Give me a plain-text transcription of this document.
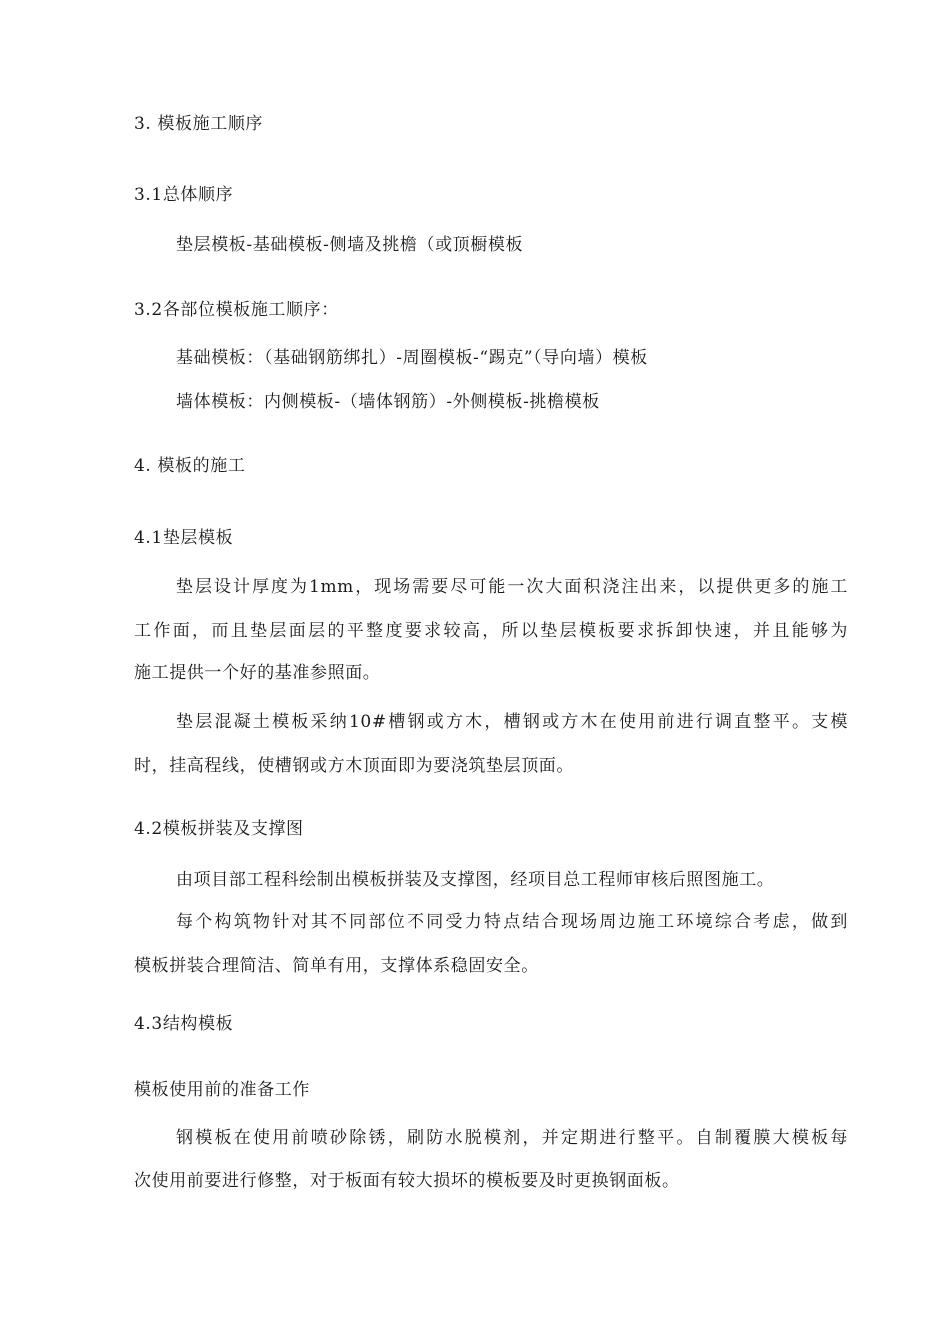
3. 模板施工顺序
3.1总体顺序
垫层模板-基础模板-侧墙及挑檐（或顶橱模板
3.2各部位模板施工顺序：
基础模板：（基础钢筋绑扎）-周圈模板-“踢克”（导向墙）模板
墙体模板：内侧模板-（墙体钢筋）-外侧模板-挑檐模板
4. 模板的施工
4.1垫层模板
垫层设计厚度为1mm，现场需要尽可能一次大面积浇注出来，以提供更多的施工
工作面，而且垫层面层的平整度要求较高，所以垫层模板要求拆卸快速，并且能够为
施工提供一个好的基准参照面。
垫层混凝土模板采纳10#槽钢或方木，槽钢或方木在使用前进行调直整平。支模
时，挂高程线，使槽钢或方木顶面即为要浇筑垫层顶面。
4.2模板拼装及支撑图
由项目部工程科绘制出模板拼装及支撑图，经项目总工程师审核后照图施工。
每个构筑物针对其不同部位不同受力特点结合现场周边施工环境综合考虑，做到
模板拼装合理简洁、简单有用，支撑体系稳固安全。
4.3结构模板
模板使用前的准备工作
钢模板在使用前喷砂除锈，刷防水脱模剂，并定期进行整平。自制覆膜大模板每
次使用前要进行修整，对于板面有较大损坏的模板要及时更换钢面板。
